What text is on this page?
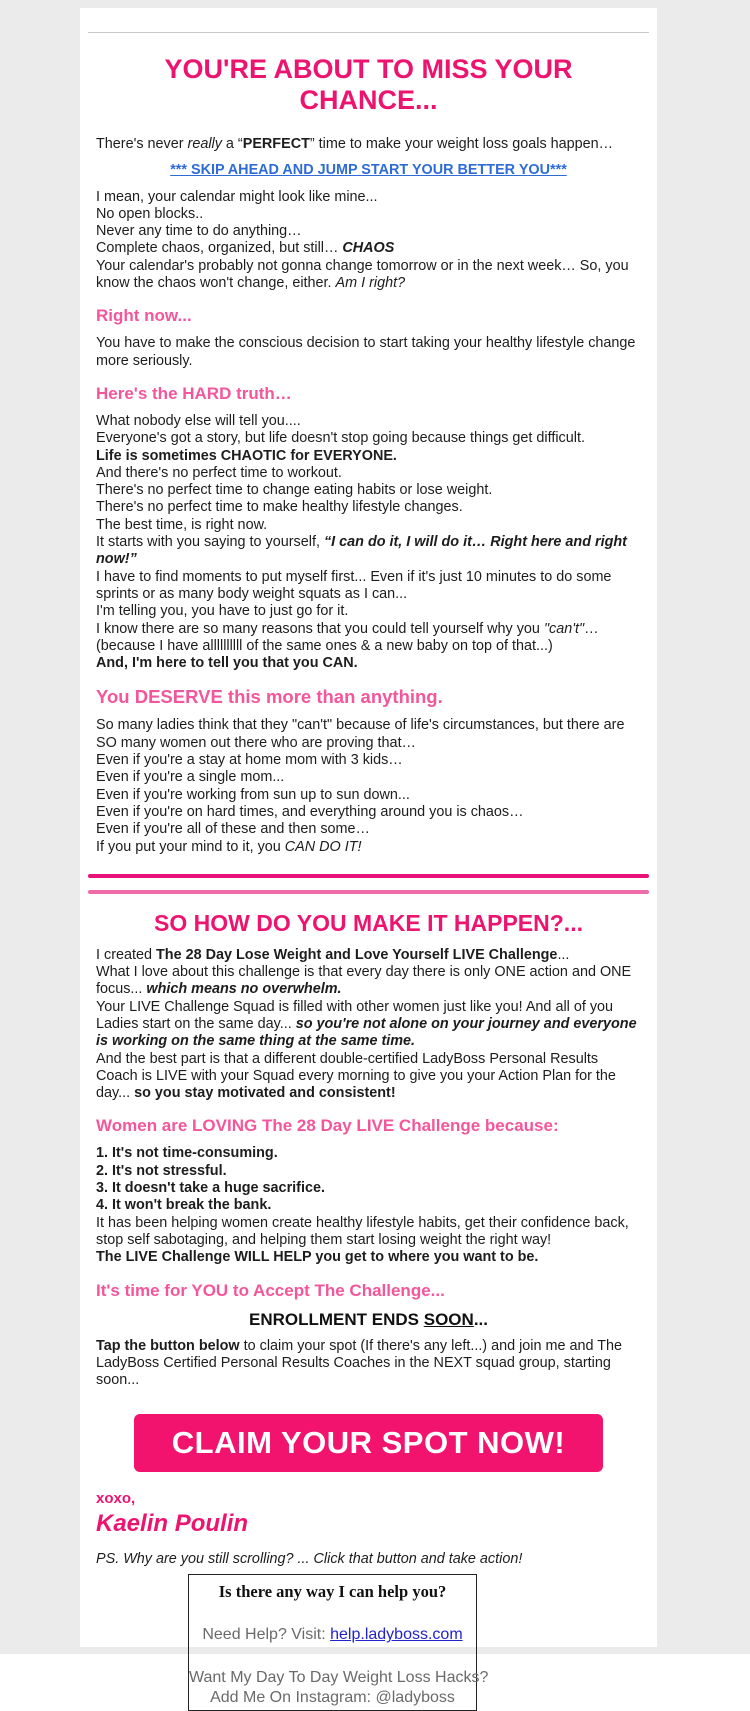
YOU'RE ABOUT TO MISS YOUR CHANCE...

There's never really a “PERFECT” time to make your weight loss goals happen…

*** SKIP AHEAD AND JUMP START YOUR BETTER YOU***

I mean, your calendar might look like mine...
No open blocks..
Never any time to do anything…
Complete chaos, organized, but still… CHAOS
Your calendar's probably not gonna change tomorrow or in the next week… So, you know the chaos won't change, either. Am I right?

Right now...

You have to make the conscious decision to start taking your healthy lifestyle change more seriously.

Here's the HARD truth…

What nobody else will tell you....
Everyone's got a story, but life doesn't stop going because things get difficult.
Life is sometimes CHAOTIC for EVERYONE.
And there's no perfect time to workout.
There's no perfect time to change eating habits or lose weight.
There's no perfect time to make healthy lifestyle changes.
The best time, is right now.
It starts with you saying to yourself, “I can do it, I will do it… Right here and right now!”
I have to find moments to put myself first... Even if it's just 10 minutes to do some sprints or as many body weight squats as I can...
I'm telling you, you have to just go for it.
I know there are so many reasons that you could tell yourself why you "can't"…
(because I have allllllllll of the same ones & a new baby on top of that...)
And, I'm here to tell you that you CAN.

You DESERVE this more than anything.

So many ladies think that they "can't" because of life's circumstances, but there are SO many women out there who are proving that…
Even if you're a stay at home mom with 3 kids…
Even if you're a single mom...
Even if you're working from sun up to sun down...
Even if you're on hard times, and everything around you is chaos…
Even if you're all of these and then some…
If you put your mind to it, you CAN DO IT!

SO HOW DO YOU MAKE IT HAPPEN?...

I created The 28 Day Lose Weight and Love Yourself LIVE Challenge...
What I love about this challenge is that every day there is only ONE action and ONE focus... which means no overwhelm.
Your LIVE Challenge Squad is filled with other women just like you! And all of you Ladies start on the same day... so you're not alone on your journey and everyone is working on the same thing at the same time.
And the best part is that a different double-certified LadyBoss Personal Results Coach is LIVE with your Squad every morning to give you your Action Plan for the day... so you stay motivated and consistent!

Women are LOVING The 28 Day LIVE Challenge because:

1. It's not time-consuming.
2. It's not stressful.
3. It doesn't take a huge sacrifice.
4. It won't break the bank.
It has been helping women create healthy lifestyle habits, get their confidence back, stop self sabotaging, and helping them start losing weight the right way!
The LIVE Challenge WILL HELP you get to where you want to be.

It's time for YOU to Accept The Challenge...

ENROLLMENT ENDS SOON...

Tap the button below to claim your spot (If there's any left...) and join me and The LadyBoss Certified Personal Results Coaches in the NEXT squad group, starting soon...

CLAIM YOUR SPOT NOW!

xoxo,

Kaelin Poulin

PS. Why are you still scrolling? ... Click that button and take action!

Is there any way I can help you?

Need Help? Visit: help.ladyboss.com

Want My Day To Day Weight Loss Hacks?

Add Me On Instagram: @ladyboss
